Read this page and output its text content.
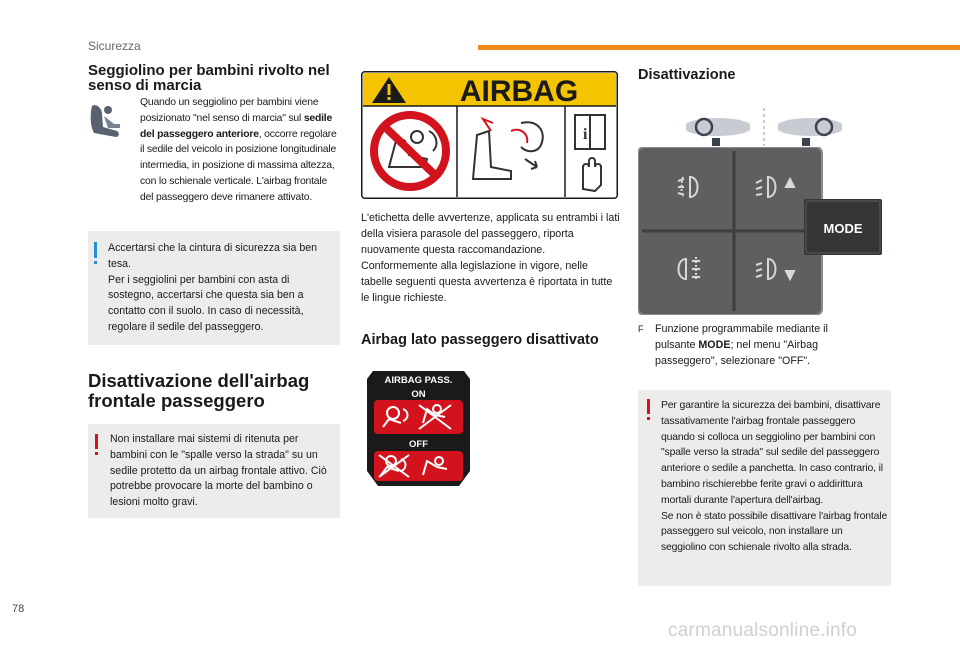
Sicurezza
Seggiolino per bambini rivolto nel senso di marcia
Quando un seggiolino per bambini viene posizionato "nel senso di marcia" sul sedile del passeggero anteriore, occorre regolare il sedile del veicolo in posizione longitudinale intermedia, in posizione di massima altezza, con lo schienale verticale. L'airbag frontale del passeggero deve rimanere attivato.
Accertarsi che la cintura di sicurezza sia ben tesa.
Per i seggiolini per bambini con asta di sostegno, accertarsi che questa sia ben a contatto con il suolo. In caso di necessità, regolare il sedile del passeggero.
Disattivazione dell'airbag frontale passeggero
Non installare mai sistemi di ritenuta per bambini con le "spalle verso la strada" su un sedile protetto da un airbag frontale attivo. Ciò potrebbe provocare la morte del bambino o lesioni molto gravi.
AIRBAG
i
L'etichetta delle avvertenze, applicata su entrambi i lati della visiera parasole del passeggero, riporta nuovamente questa raccomandazione.
Conformemente alla legislazione in vigore, nelle tabelle seguenti questa avvertenza è riportata in tutte le lingue richieste.
Airbag lato passeggero disattivato
AIRBAG PASS.
ON
OFF
Disattivazione
MODE
F Funzione programmabile mediante il pulsante MODE; nel menu "Airbag passeggero", selezionare "OFF".
Per garantire la sicurezza dei bambini, disattivare tassativamente l'airbag frontale passeggero quando si colloca un seggiolino per bambini con "spalle verso la strada" sul sedile del passeggero anteriore o sedile a panchetta. In caso contrario, il bambino rischierebbe ferite gravi o addirittura mortali durante l'apertura dell'airbag.
Se non è stato possibile disattivare l'airbag frontale passeggero sul veicolo, non installare un seggiolino con schienale rivolto alla strada.
78
carmanualsonline.info
